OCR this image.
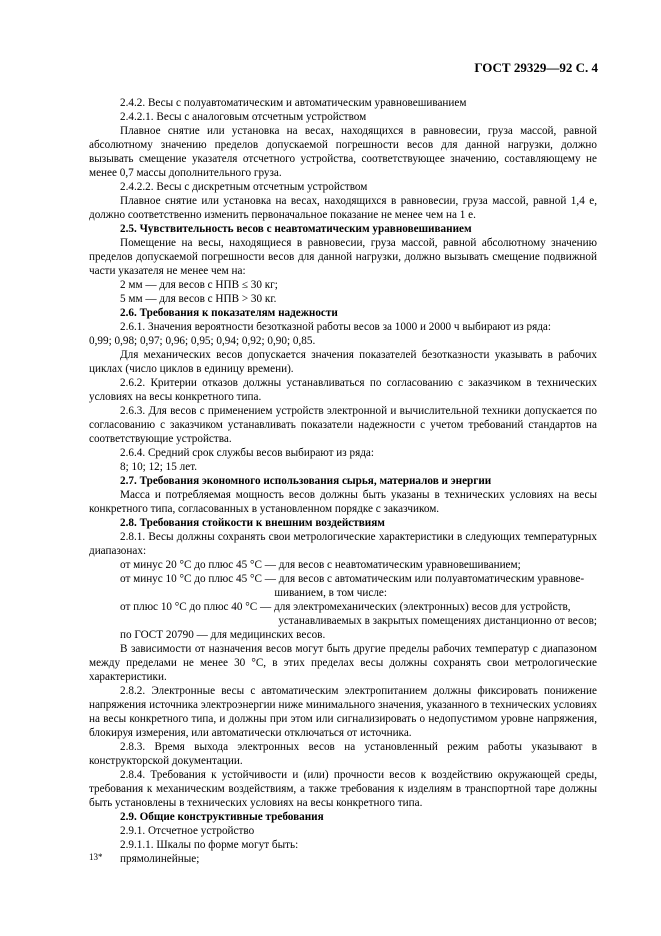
ГОСТ 29329—92 С. 4

2.4.2. Весы с полуавтоматическим и автоматическим уравновешиванием

2.4.2.1. Весы с аналоговым отсчетным устройством

Плавное снятие или установка на весах, находящихся в равновесии, груза массой, равной абсолютному значению пределов допускаемой погрешности весов для данной нагрузки, должно вызывать смещение указателя отсчетного устройства, соответствующее значению, составляющему не менее 0,7 массы дополнительного груза.

2.4.2.2. Весы с дискретным отсчетным устройством

Плавное снятие или установка на весах, находящихся в равновесии, груза массой, равной 1,4 е, должно соответственно изменить первоначальное показание не менее чем на 1 е.

2.5. Чувствительность весов с неавтоматическим уравновешиванием

Помещение на весы, находящиеся в равновесии, груза массой, равной абсолютному значению пределов допускаемой погрешности весов для данной нагрузки, должно вызывать смещение подвижной части указателя не менее чем на:

2 мм — для весов с НПВ ≤ 30 кг;

5 мм — для весов с НПВ > 30 кг.

2.6. Требования к показателям надежности

2.6.1. Значения вероятности безотказной работы весов за 1000 и 2000 ч выбирают из ряда:

0,99; 0,98; 0,97; 0,96; 0,95; 0,94; 0,92; 0,90; 0,85.

Для механических весов допускается значения показателей безотказности указывать в рабочих циклах (число циклов в единицу времени).

2.6.2. Критерии отказов должны устанавливаться по согласованию с заказчиком в технических условиях на весы конкретного типа.

2.6.3. Для весов с применением устройств электронной и вычислительной техники допускается по согласованию с заказчиком устанавливать показатели надежности с учетом требований стандартов на соответствующие устройства.

2.6.4. Средний срок службы весов выбирают из ряда:

8; 10; 12; 15 лет.

2.7. Требования экономного использования сырья, материалов и энергии

Масса и потребляемая мощность весов должны быть указаны в технических условиях на весы конкретного типа, согласованных в установленном порядке с заказчиком.

2.8. Требования стойкости к внешним воздействиям

2.8.1. Весы должны сохранять свои метрологические характеристики в следующих температурных диапазонах:

от минус 20 °С до плюс 45 °С — для весов с неавтоматическим уравновешиванием;

от минус 10 °С до плюс 45 °С — для весов с автоматическим или полуавтоматическим уравнове-

шиванием, в том числе:

от плюс 10 °С до плюс 40 °С — для электромеханических (электронных) весов для устройств,

устанавливаемых в закрытых помещениях дистанционно от весов;

по ГОСТ 20790 — для медицинских весов.

В зависимости от назначения весов могут быть другие пределы рабочих температур с диапазоном между пределами не менее 30 °С, в этих пределах весы должны сохранять свои метрологические характеристики.

2.8.2. Электронные весы с автоматическим электропитанием должны фиксировать понижение напряжения источника электроэнергии ниже минимального значения, указанного в технических условиях на весы конкретного типа, и должны при этом или сигнализировать о недопустимом уровне напряжения, блокируя измерения, или автоматически отключаться от источника.

2.8.3. Время выхода электронных весов на установленный режим работы указывают в конструкторской документации.

2.8.4. Требования к устойчивости и (или) прочности весов к воздействию окружающей среды, требования к механическим воздействиям, а также требования к изделиям в транспортной таре должны быть установлены в технических условиях на весы конкретного типа.

2.9. Общие конструктивные требования

2.9.1. Отсчетное устройство

2.9.1.1. Шкалы по форме могут быть:

прямолинейные;

13*
